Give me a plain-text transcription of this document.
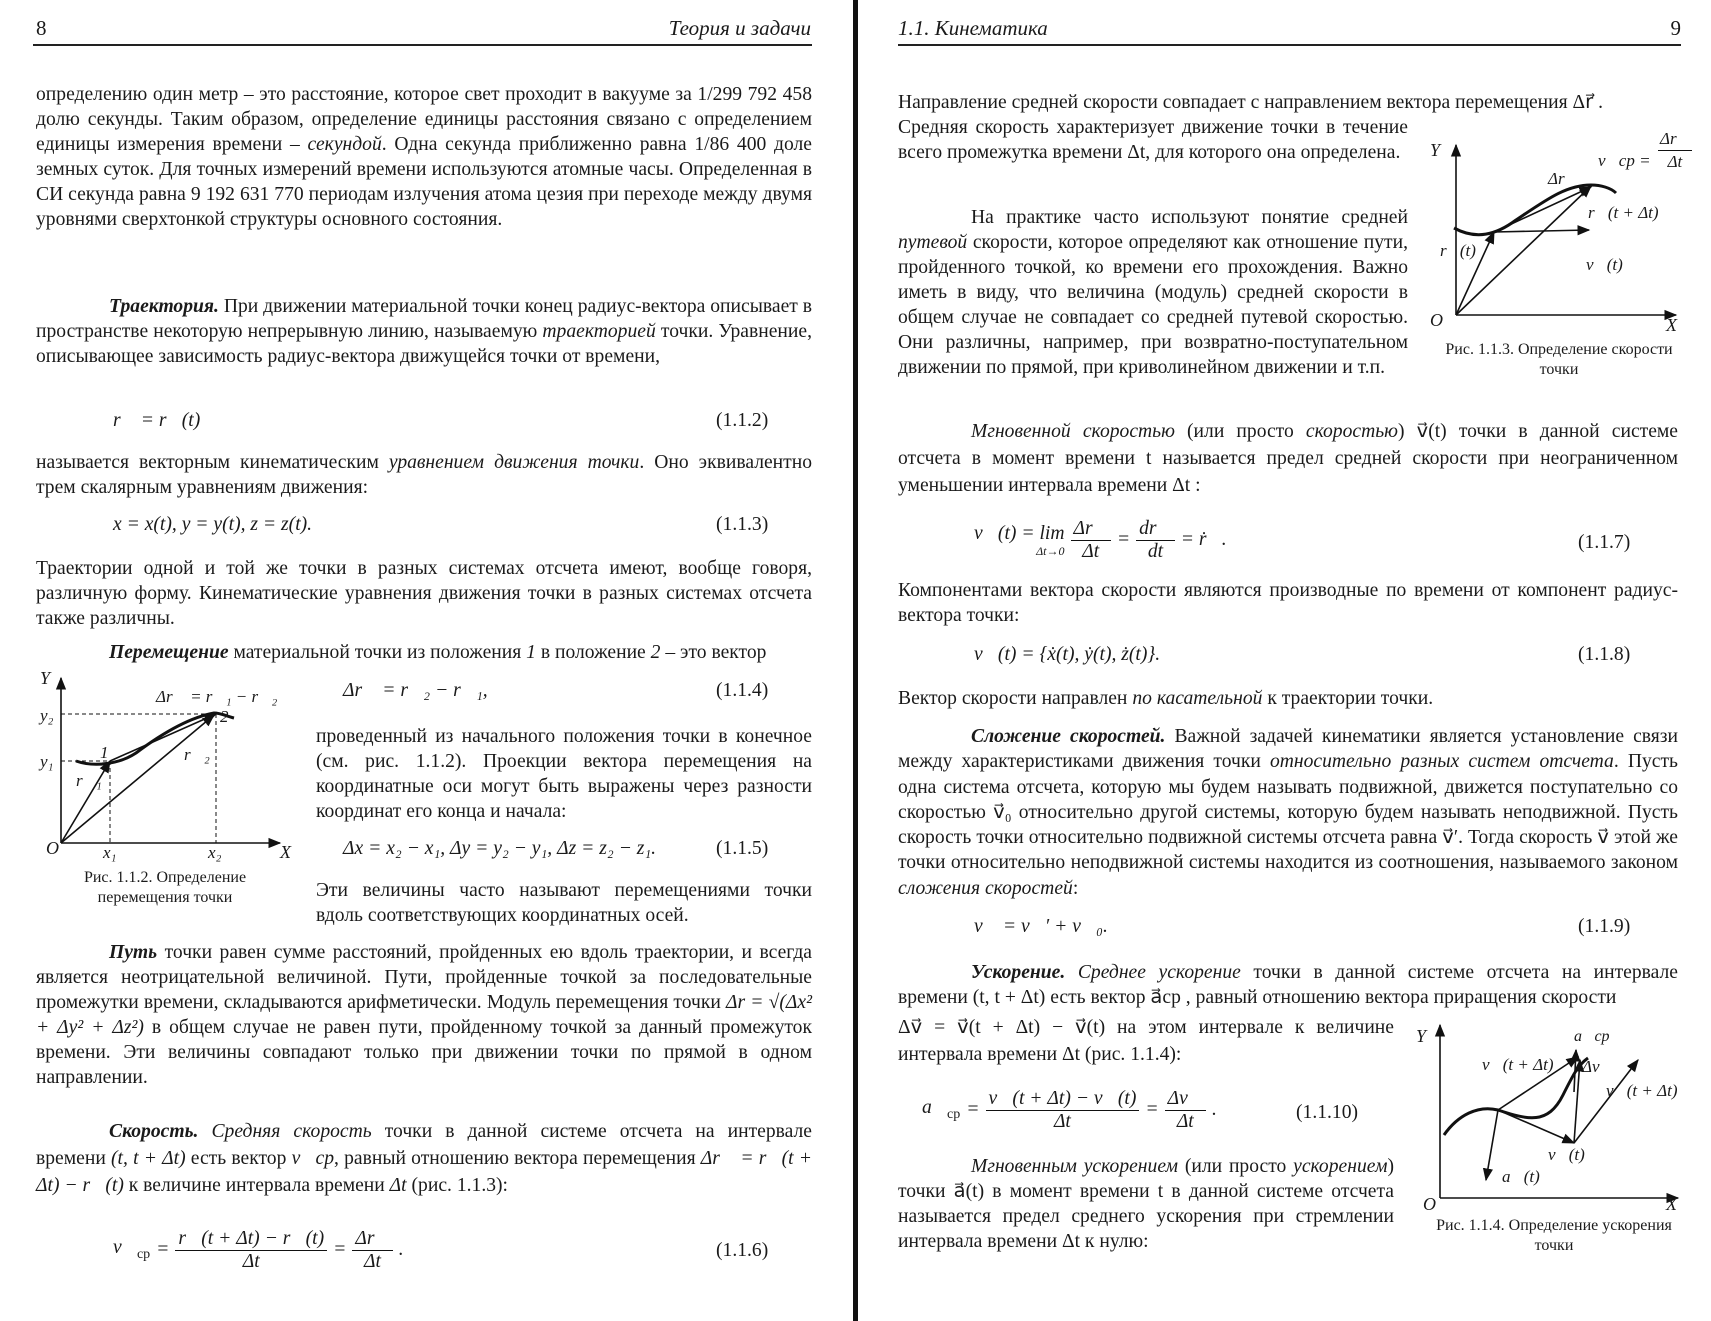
8	Теория и задачи
определению один метр – это расстояние, которое свет проходит в вакууме за 1/299 792 458 долю секунды. Таким образом, определение единицы расстояния связано с определением единицы измерения времени – секундой. Одна секунда приближенно равна 1/86 400 доле земных суток. Для точных измерений времени используются атомные часы. Определенная в СИ секунда равна 9 192 631 770 периодам излучения атома цезия при переходе между двумя уровнями сверхтонкой структуры основного состояния.
Траектория. При движении материальной точки конец радиус-вектора описывает в пространстве некоторую непрерывную линию, называемую траекторией точки. Уравнение, описывающее зависимость радиус-вектора движущейся точки от времени,
r⃗ = r⃗(t)	(1.1.2)
называется векторным кинематическим уравнением движения точки. Оно эквивалентно трем скалярным уравнениям движения:
x = x(t), y = y(t), z = z(t).	(1.1.3)
Траектории одной и той же точки в разных системах отсчета имеют, вообще говоря, различную форму. Кинематические уравнения движения точки в разных системах отсчета также различны.
Перемещение материальной точки из положения 1 в положение 2 – это вектор
Y
X
O
y₁
y₂
x₁	x₂
1
2
r⃗₁
r⃗₂
Δr⃗ = r⃗₁ − r⃗₂
Рис. 1.1.2. Определение
перемещения точки
Δr⃗ = r⃗₂ − r⃗₁,	(1.1.4)
проведенный из начального положения точки в конечное (см. рис. 1.1.2). Проекции вектора перемещения на координатные оси могут быть выражены через разности координат его конца и начала:
Δx = x₂ − x₁, Δy = y₂ − y₁, Δz = z₂ − z₁.	(1.1.5)
Эти величины часто называют перемещениями точки вдоль соответствующих координатных осей.
Путь точки равен сумме расстояний, пройденных ею вдоль траектории, и всегда является неотрицательной величиной. Пути, пройденные точкой за последовательные промежутки времени, складываются арифметически. Модуль перемещения точки Δr = √(Δx² + Δy² + Δz²) в общем случае не равен пути, пройденному точкой за данный промежуток времени. Эти величины совпадают только при движении точки по прямой в одном направлении.
Скорость. Средняя скорость точки в данной системе отсчета на интервале времени (t, t + Δt) есть вектор v⃗ср, равный отношению вектора перемещения Δr⃗ = r⃗(t + Δt) − r⃗(t) к величине интервала времени Δt (рис. 1.1.3):
$v⃗_{ср} = \frac{r⃗(t + \Delta t) - r⃗(t)}{\Delta t} = \frac{\Delta r⃗}{\Delta t}$ .	(1.1.6)
1.1. Кинематика	9
Направление средней скорости совпадает с направлением вектора перемещения Δr⃗ .
Средняя скорость характеризует движение точки в течение всего промежутка времени Δt, для которого она определена.
На практике часто используют понятие средней путевой скорости, которое определяют как отношение пути, пройденного точкой, ко времени его прохождения. Важно иметь в виду, что величина (модуль) средней скорости в общем случае не совпадает со средней путевой скоростью. Они различны, например, при возвратно-поступательном движении по прямой, при криволинейном движении и т.п.
Y
X
O
v⃗ср = $\frac{\Delta r⃗}{\Delta t}$
Δr⃗
r⃗(t)
r⃗(t + Δt)
v⃗(t)
Рис. 1.1.3. Определение скорости
точки
Мгновенной скоростью (или просто скоростью) v⃗(t) точки в данной системе отсчета в момент времени t называется предел средней скорости при неограниченном уменьшении интервала времени Δt :
v⃗(t) = lim
$\Delta t\to 0 \frac{\Delta r⃗}{\Delta t} = \frac{dr⃗}{dt}$ = ṙ⃗.	(1.1.7)
Компонентами вектора скорости являются производные по времени от компонент радиус-вектора точки:
v⃗(t) = {ẋ(t), ẏ(t), ż(t)}.	(1.1.8)
Вектор скорости направлен по касательной к траектории точки.
Сложение скоростей. Важной задачей кинематики является установление связи между характеристиками движения точки относительно разных систем отсчета. Пусть одна система отсчета, которую мы будем называть подвижной, движется поступательно со скоростью v⃗₀ относительно другой системы, которую будем называть неподвижной. Пусть скорость точки относительно подвижной системы отсчета равна v⃗′. Тогда скорость v⃗ этой же точки относительно неподвижной системы находится из соотношения, называемого законом сложения скоростей:
v⃗ = v⃗′ + v⃗₀.	(1.1.9)
Ускорение. Среднее ускорение точки в данной системе отсчета на интервале времени (t, t + Δt) есть вектор a⃗ср , равный отношению вектора приращения скорости
Δv⃗ = v⃗(t + Δt) − v⃗(t) на этом интервале к величине интервала времени Δt (рис. 1.1.4):
$a⃗_{ср} = \frac{v⃗(t + \Delta t) - v⃗(t)}{\Delta t} = \frac{\Delta v⃗}{\Delta t}$ .	(1.1.10)
Мгновенным ускорением (или просто ускорением) точки a⃗(t) в момент времени t в данной системе отсчета называется предел среднего ускорения при стремлении интервала времени Δt к нулю:
Y
X
O
a⃗ср
v⃗(t + Δt) Δv⃗
v⃗(t + Δt)
v⃗(t)
a⃗(t)
Рис. 1.1.4. Определение ускорения
точки
